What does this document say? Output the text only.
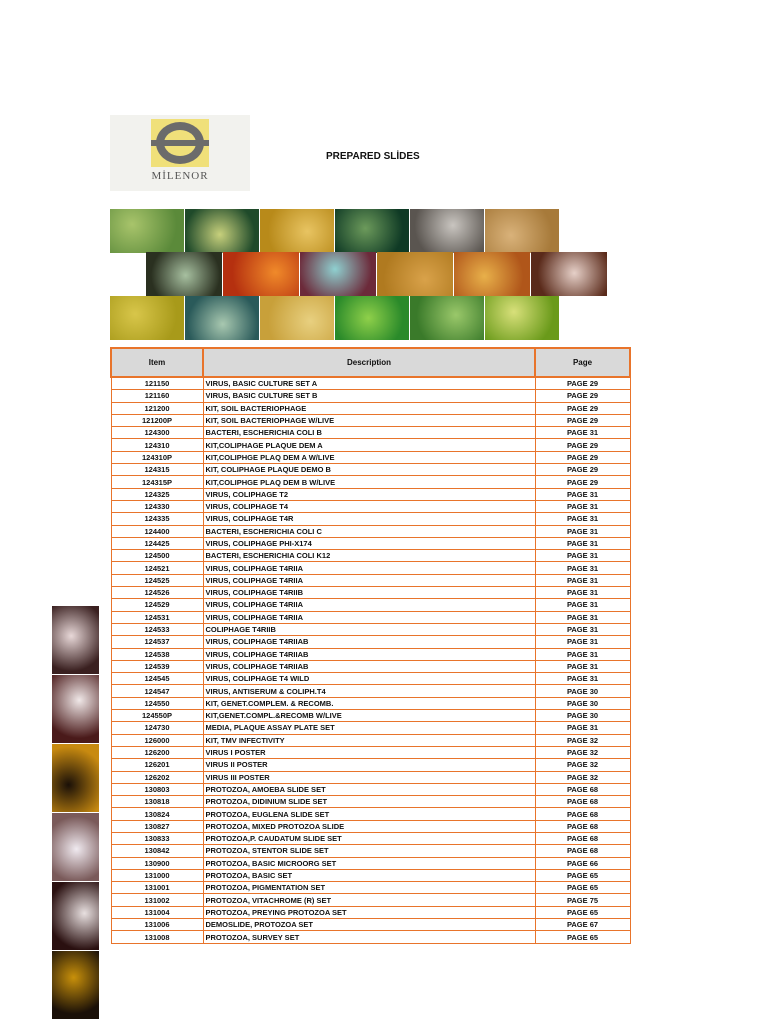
MİLENOR
PREPARED SLİDES
Item	Description	Page
121150	VIRUS, BASIC CULTURE SET A	PAGE 29
121160	VIRUS, BASIC CULTURE SET B	PAGE 29
121200	KIT, SOIL BACTERIOPHAGE	PAGE 29
121200P	KIT, SOIL BACTERIOPHAGE W/LIVE	PAGE 29
124300	BACTERI, ESCHERICHIA COLI B	PAGE 31
124310	KIT,COLIPHAGE PLAQUE DEM A	PAGE 29
124310P	KIT,COLIPHGE PLAQ DEM A W/LIVE	PAGE 29
124315	KIT, COLIPHAGE PLAQUE DEMO B	PAGE 29
124315P	KIT,COLIPHGE PLAQ DEM B W/LIVE	PAGE 29
124325	VIRUS, COLIPHAGE T2	PAGE 31
124330	VIRUS, COLIPHAGE T4	PAGE 31
124335	VIRUS, COLIPHAGE T4R	PAGE 31
124400	BACTERI, ESCHERICHIA COLI C	PAGE 31
124425	VIRUS, COLIPHAGE PHI-X174	PAGE 31
124500	BACTERI, ESCHERICHIA COLI K12	PAGE 31
124521	VIRUS, COLIPHAGE T4RIIA	PAGE 31
124525	VIRUS, COLIPHAGE T4RIIA	PAGE 31
124526	VIRUS, COLIPHAGE T4RIIB	PAGE 31
124529	VIRUS, COLIPHAGE T4RIIA	PAGE 31
124531	VIRUS, COLIPHAGE T4RIIA	PAGE 31
124533	COLIPHAGE T4RIIB	PAGE 31
124537	VIRUS, COLIPHAGE T4RIIAB	PAGE 31
124538	VIRUS, COLIPHAGE T4RIIAB	PAGE 31
124539	VIRUS, COLIPHAGE T4RIIAB	PAGE 31
124545	VIRUS, COLIPHAGE T4 WILD	PAGE 31
124547	VIRUS, ANTISERUM & COLIPH.T4	PAGE 30
124550	KIT, GENET.COMPLEM. & RECOMB.	PAGE 30
124550P	KIT,GENET.COMPL.&RECOMB W/LIVE	PAGE 30
124730	MEDIA, PLAQUE ASSAY PLATE SET	PAGE 31
126000	KIT, TMV INFECTIVITY	PAGE 32
126200	VIRUS I POSTER	PAGE 32
126201	VIRUS II POSTER	PAGE 32
126202	VIRUS III POSTER	PAGE 32
130803	PROTOZOA, AMOEBA SLIDE SET	PAGE 68
130818	PROTOZOA, DIDINIUM SLIDE SET	PAGE 68
130824	PROTOZOA, EUGLENA SLIDE SET	PAGE 68
130827	PROTOZOA, MIXED PROTOZOA SLIDE	PAGE 68
130833	PROTOZOA,P. CAUDATUM SLIDE SET	PAGE 68
130842	PROTOZOA, STENTOR SLIDE SET	PAGE 68
130900	PROTOZOA, BASIC MICROORG SET	PAGE 66
131000	PROTOZOA, BASIC SET	PAGE 65
131001	PROTOZOA, PIGMENTATION SET	PAGE 65
131002	PROTOZOA, VITACHROME (R) SET	PAGE 75
131004	PROTOZOA, PREYING PROTOZOA SET	PAGE 65
131006	DEMOSLIDE, PROTOZOA SET	PAGE 67
131008	PROTOZOA, SURVEY SET	PAGE 65
